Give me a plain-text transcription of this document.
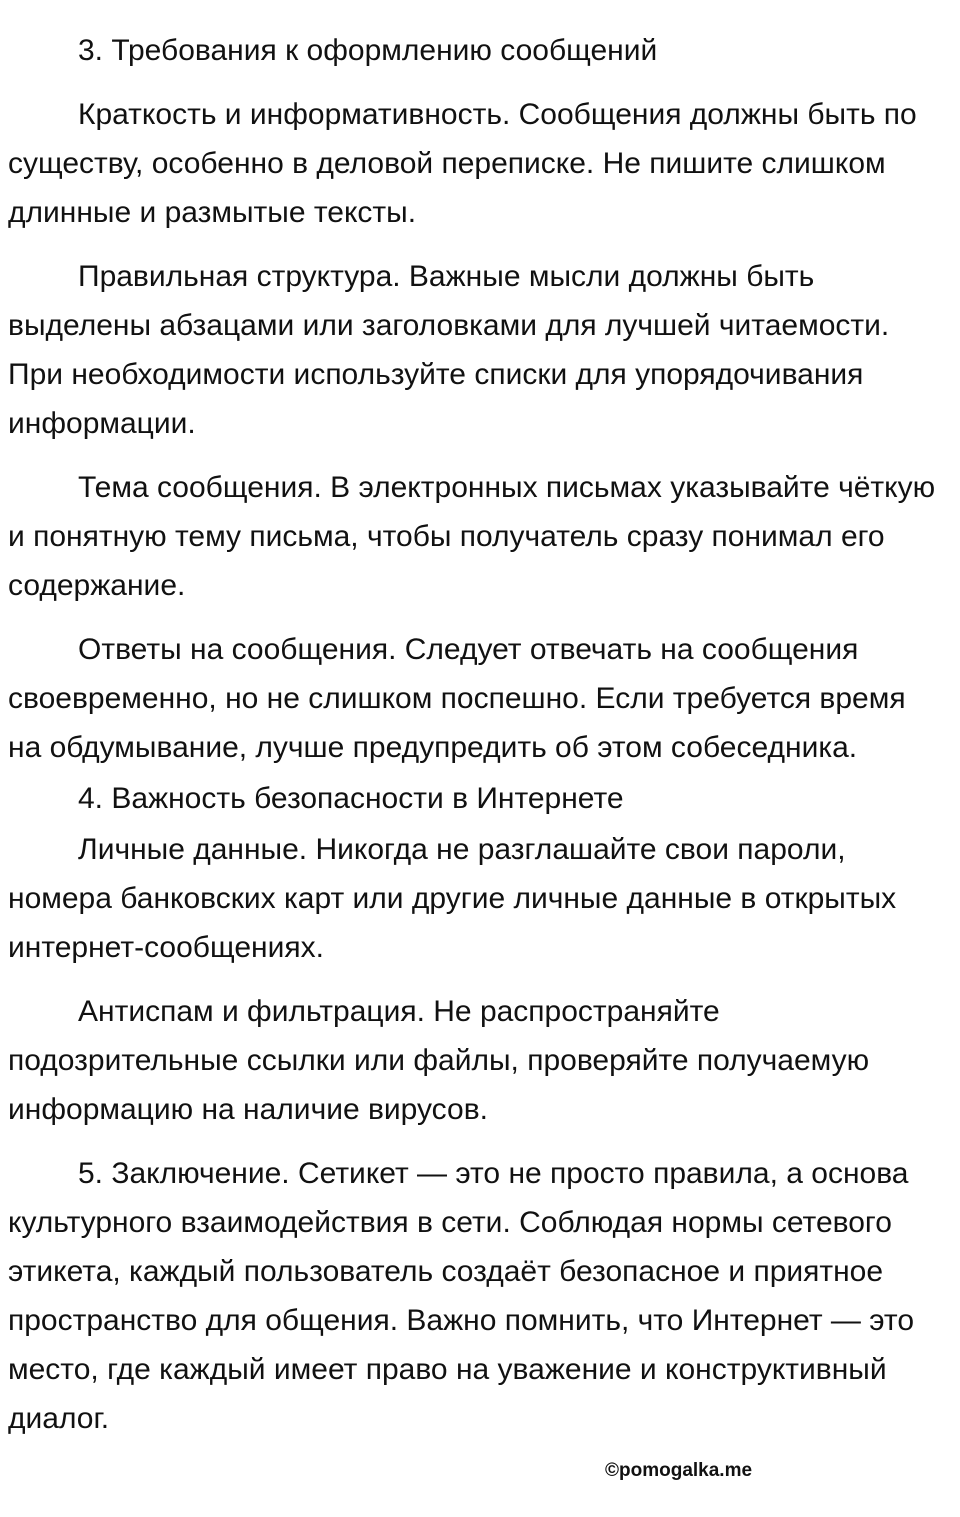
3. Требования к оформлению сообщений

Краткость и информативность. Сообщения должны быть по существу, особенно в деловой переписке. Не пишите слишком длинные и размытые тексты.

Правильная структура. Важные мысли должны быть выделены абзацами или заголовками для лучшей читаемости. При необходимости используйте списки для упорядочивания информации.

Тема сообщения. В электронных письмах указывайте чёткую и понятную тему письма, чтобы получатель сразу понимал его содержание.

Ответы на сообщения. Следует отвечать на сообщения своевременно, но не слишком поспешно. Если требуется время на обдумывание, лучше предупредить об этом собеседника.

4. Важность безопасности в Интернете

Личные данные. Никогда не разглашайте свои пароли, номера банковских карт или другие личные данные в открытых интернет-сообщениях.

Антиспам и фильтрация. Не распространяйте подозрительные ссылки или файлы, проверяйте получаемую информацию на наличие вирусов.

5. Заключение. Сетикет — это не просто правила, а основа культурного взаимодействия в сети. Соблюдая нормы сетевого этикета, каждый пользователь создаёт безопасное и приятное пространство для общения. Важно помнить, что Интернет — это место, где каждый имеет право на уважение и конструктивный диалог.

©pomogalka.me
